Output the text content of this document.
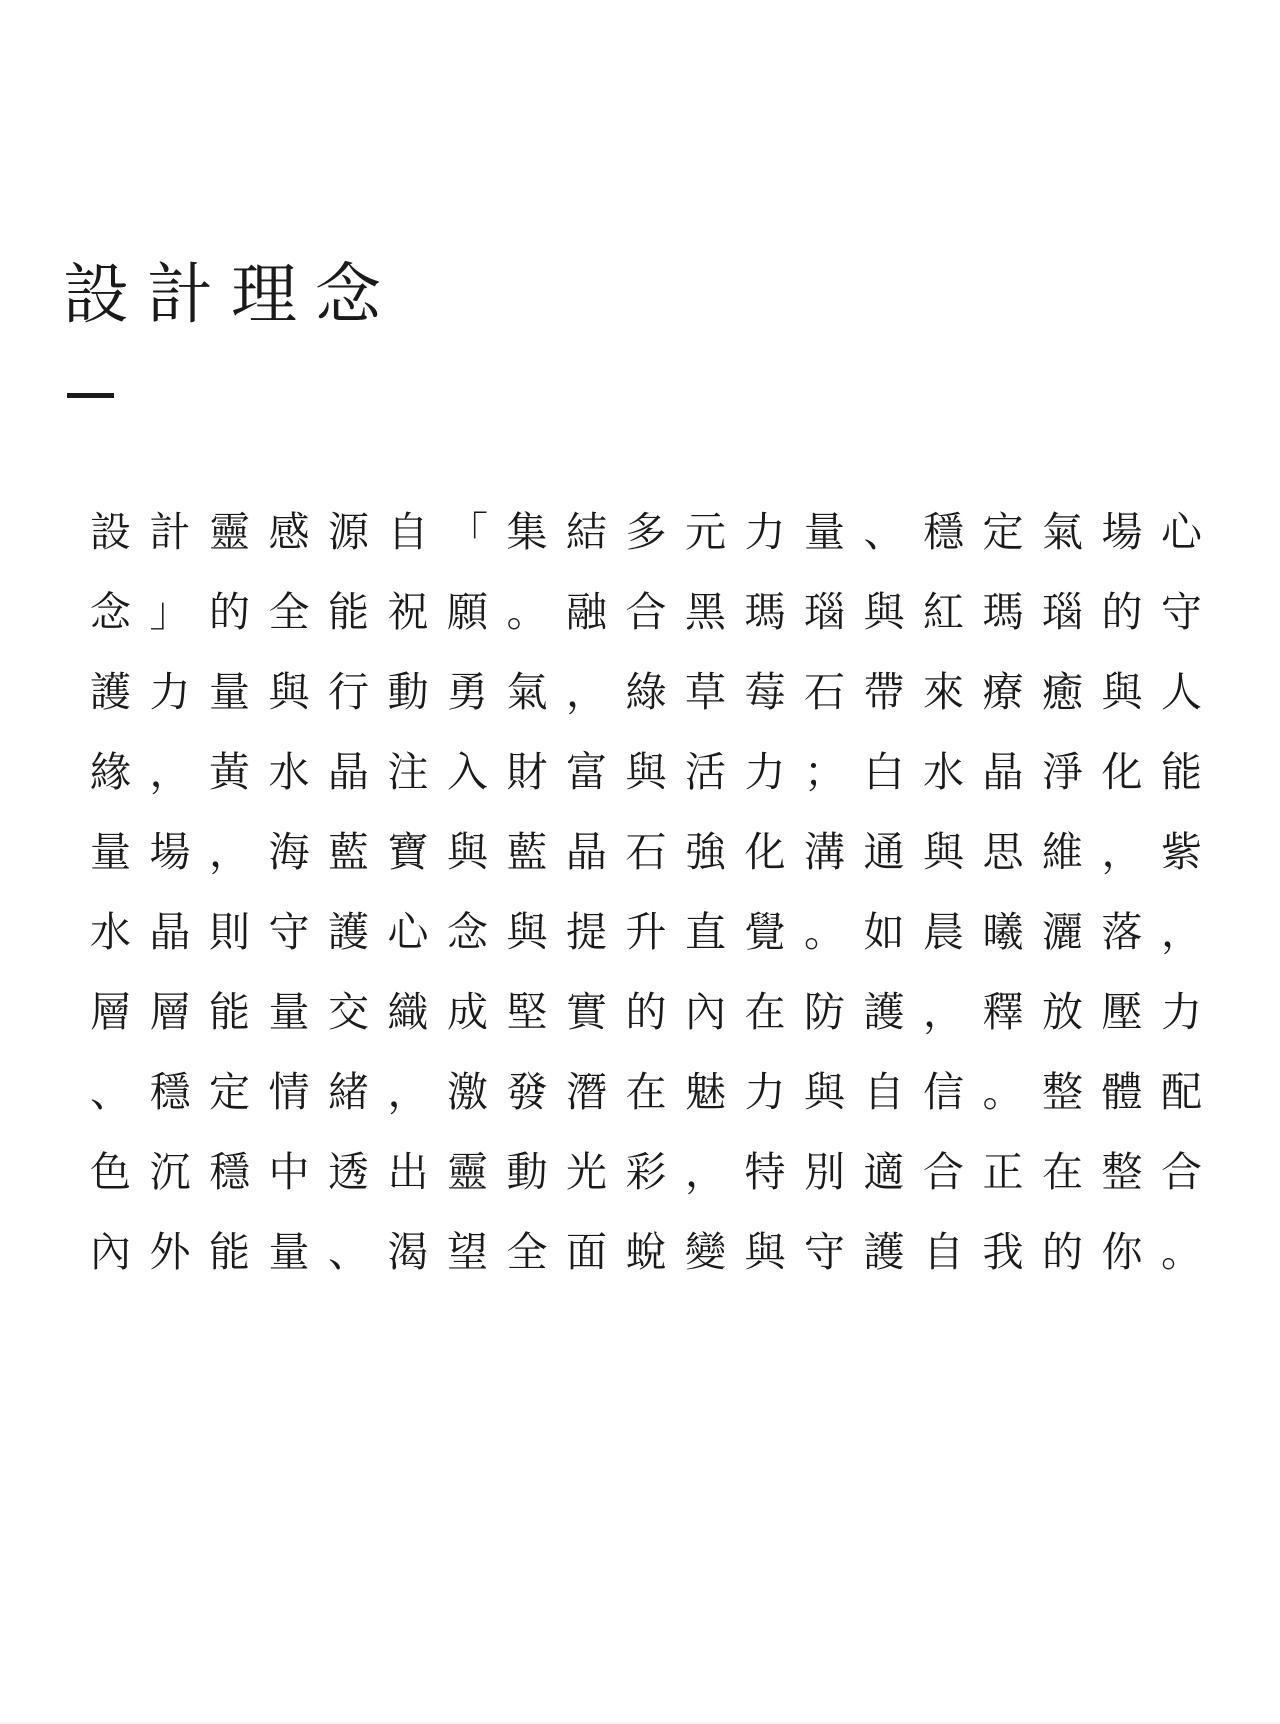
設計理念
設計靈感源自「集結多元力量、穩定氣場心
念」的全能祝願。融合黑瑪瑙與紅瑪瑙的守
護力量與行動勇氣，綠草莓石帶來療癒與人
緣，黃水晶注入財富與活力；白水晶淨化能
量場，海藍寶與藍晶石強化溝通與思維，紫
水晶則守護心念與提升直覺。如晨曦灑落，
層層能量交織成堅實的內在防護，釋放壓力
、穩定情緒，激發潛在魅力與自信。整體配
色沉穩中透出靈動光彩，特別適合正在整合
內外能量、渴望全面蛻變與守護自我的你。
